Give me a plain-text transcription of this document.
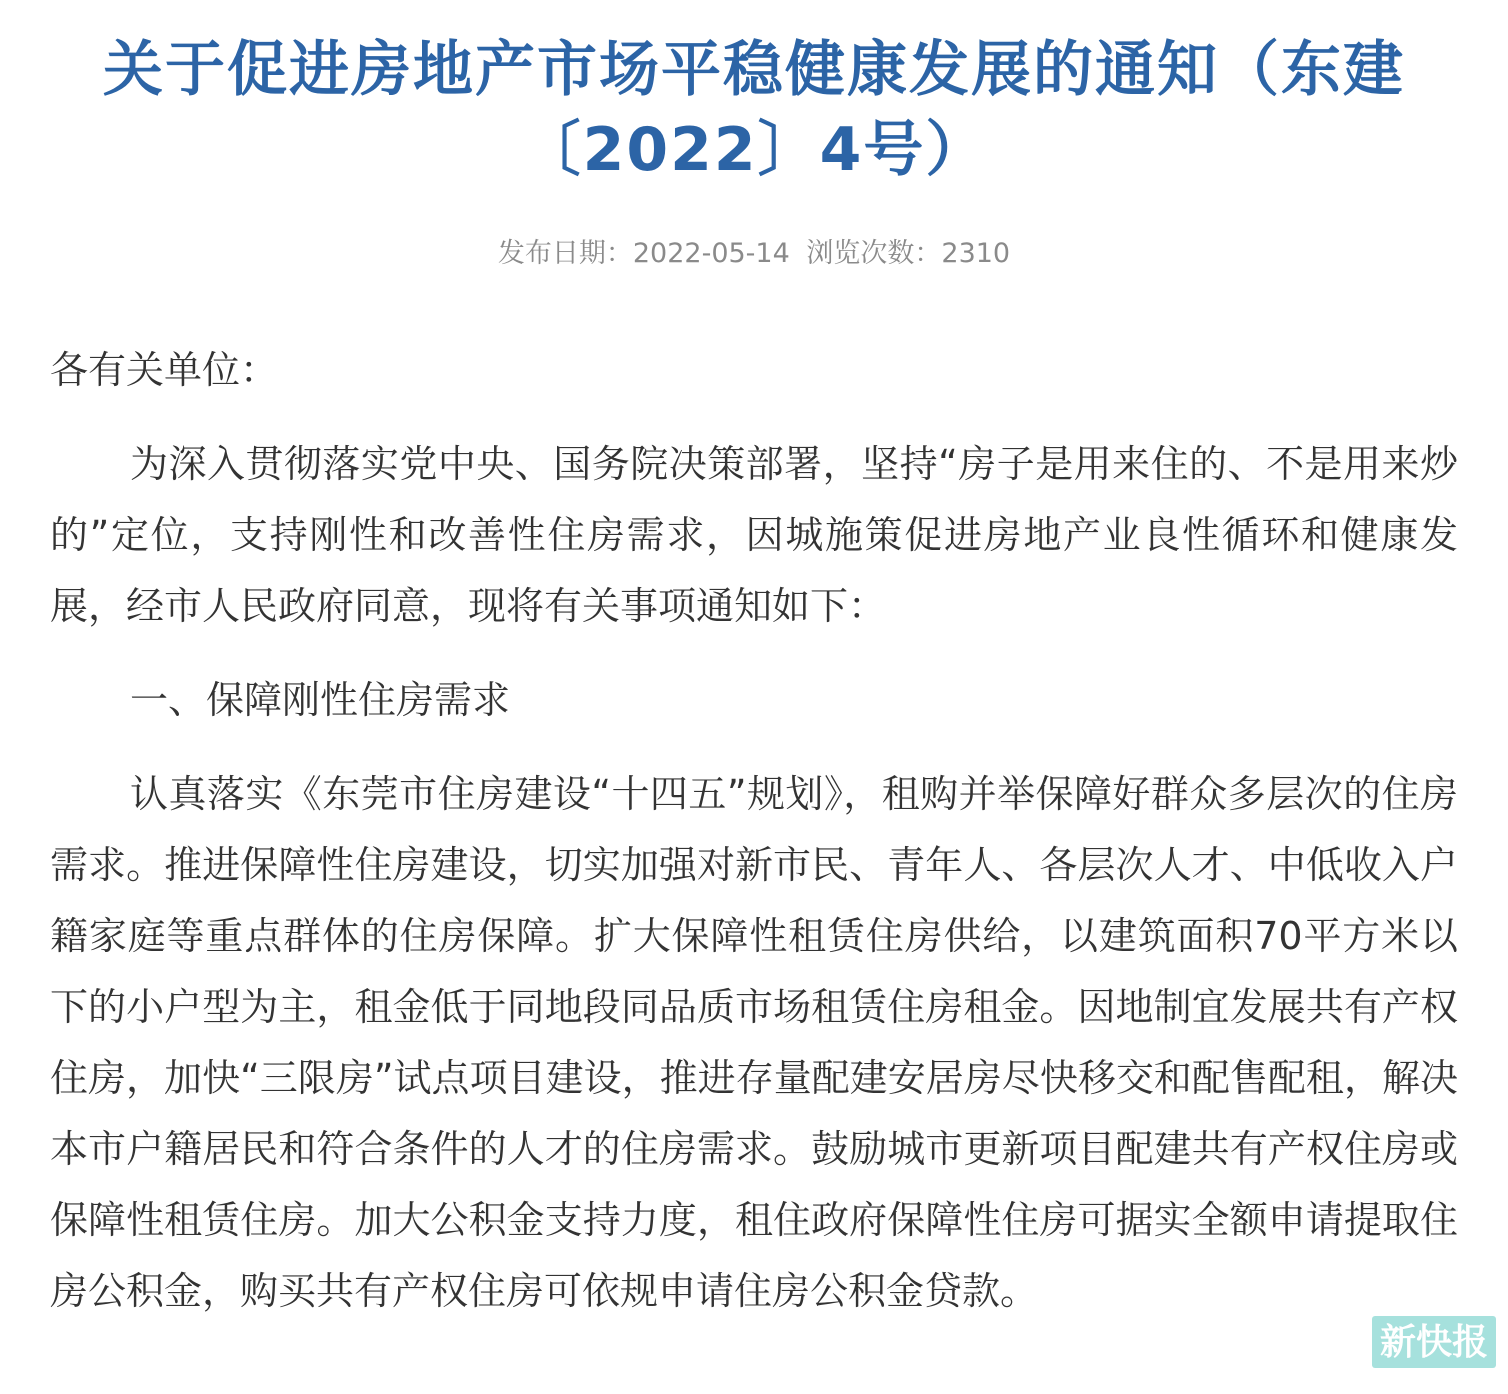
关于促进房地产市场平稳健康发展的通知（东建〔2022〕4号）
发布日期：2022-05-14 浏览次数：2310

各有关单位：

为深入贯彻落实党中央、国务院决策部署，坚持“房子是用来住的、不是用来炒的”定位，支持刚性和改善性住房需求，因城施策促进房地产业良性循环和健康发展，经市人民政府同意，现将有关事项通知如下：

一、保障刚性住房需求

认真落实《东莞市住房建设“十四五”规划》，租购并举保障好群众多层次的住房需求。推进保障性住房建设，切实加强对新市民、青年人、各层次人才、中低收入户籍家庭等重点群体的住房保障。扩大保障性租赁住房供给，以建筑面积70平方米以下的小户型为主，租金低于同地段同品质市场租赁住房租金。因地制宜发展共有产权住房，加快“三限房”试点项目建设，推进存量配建安居房尽快移交和配售配租，解决本市户籍居民和符合条件的人才的住房需求。鼓励城市更新项目配建共有产权住房或保障性租赁住房。加大公积金支持力度，租住政府保障性住房可据实全额申请提取住房公积金，购买共有产权住房可依规申请住房公积金贷款。

新快报
